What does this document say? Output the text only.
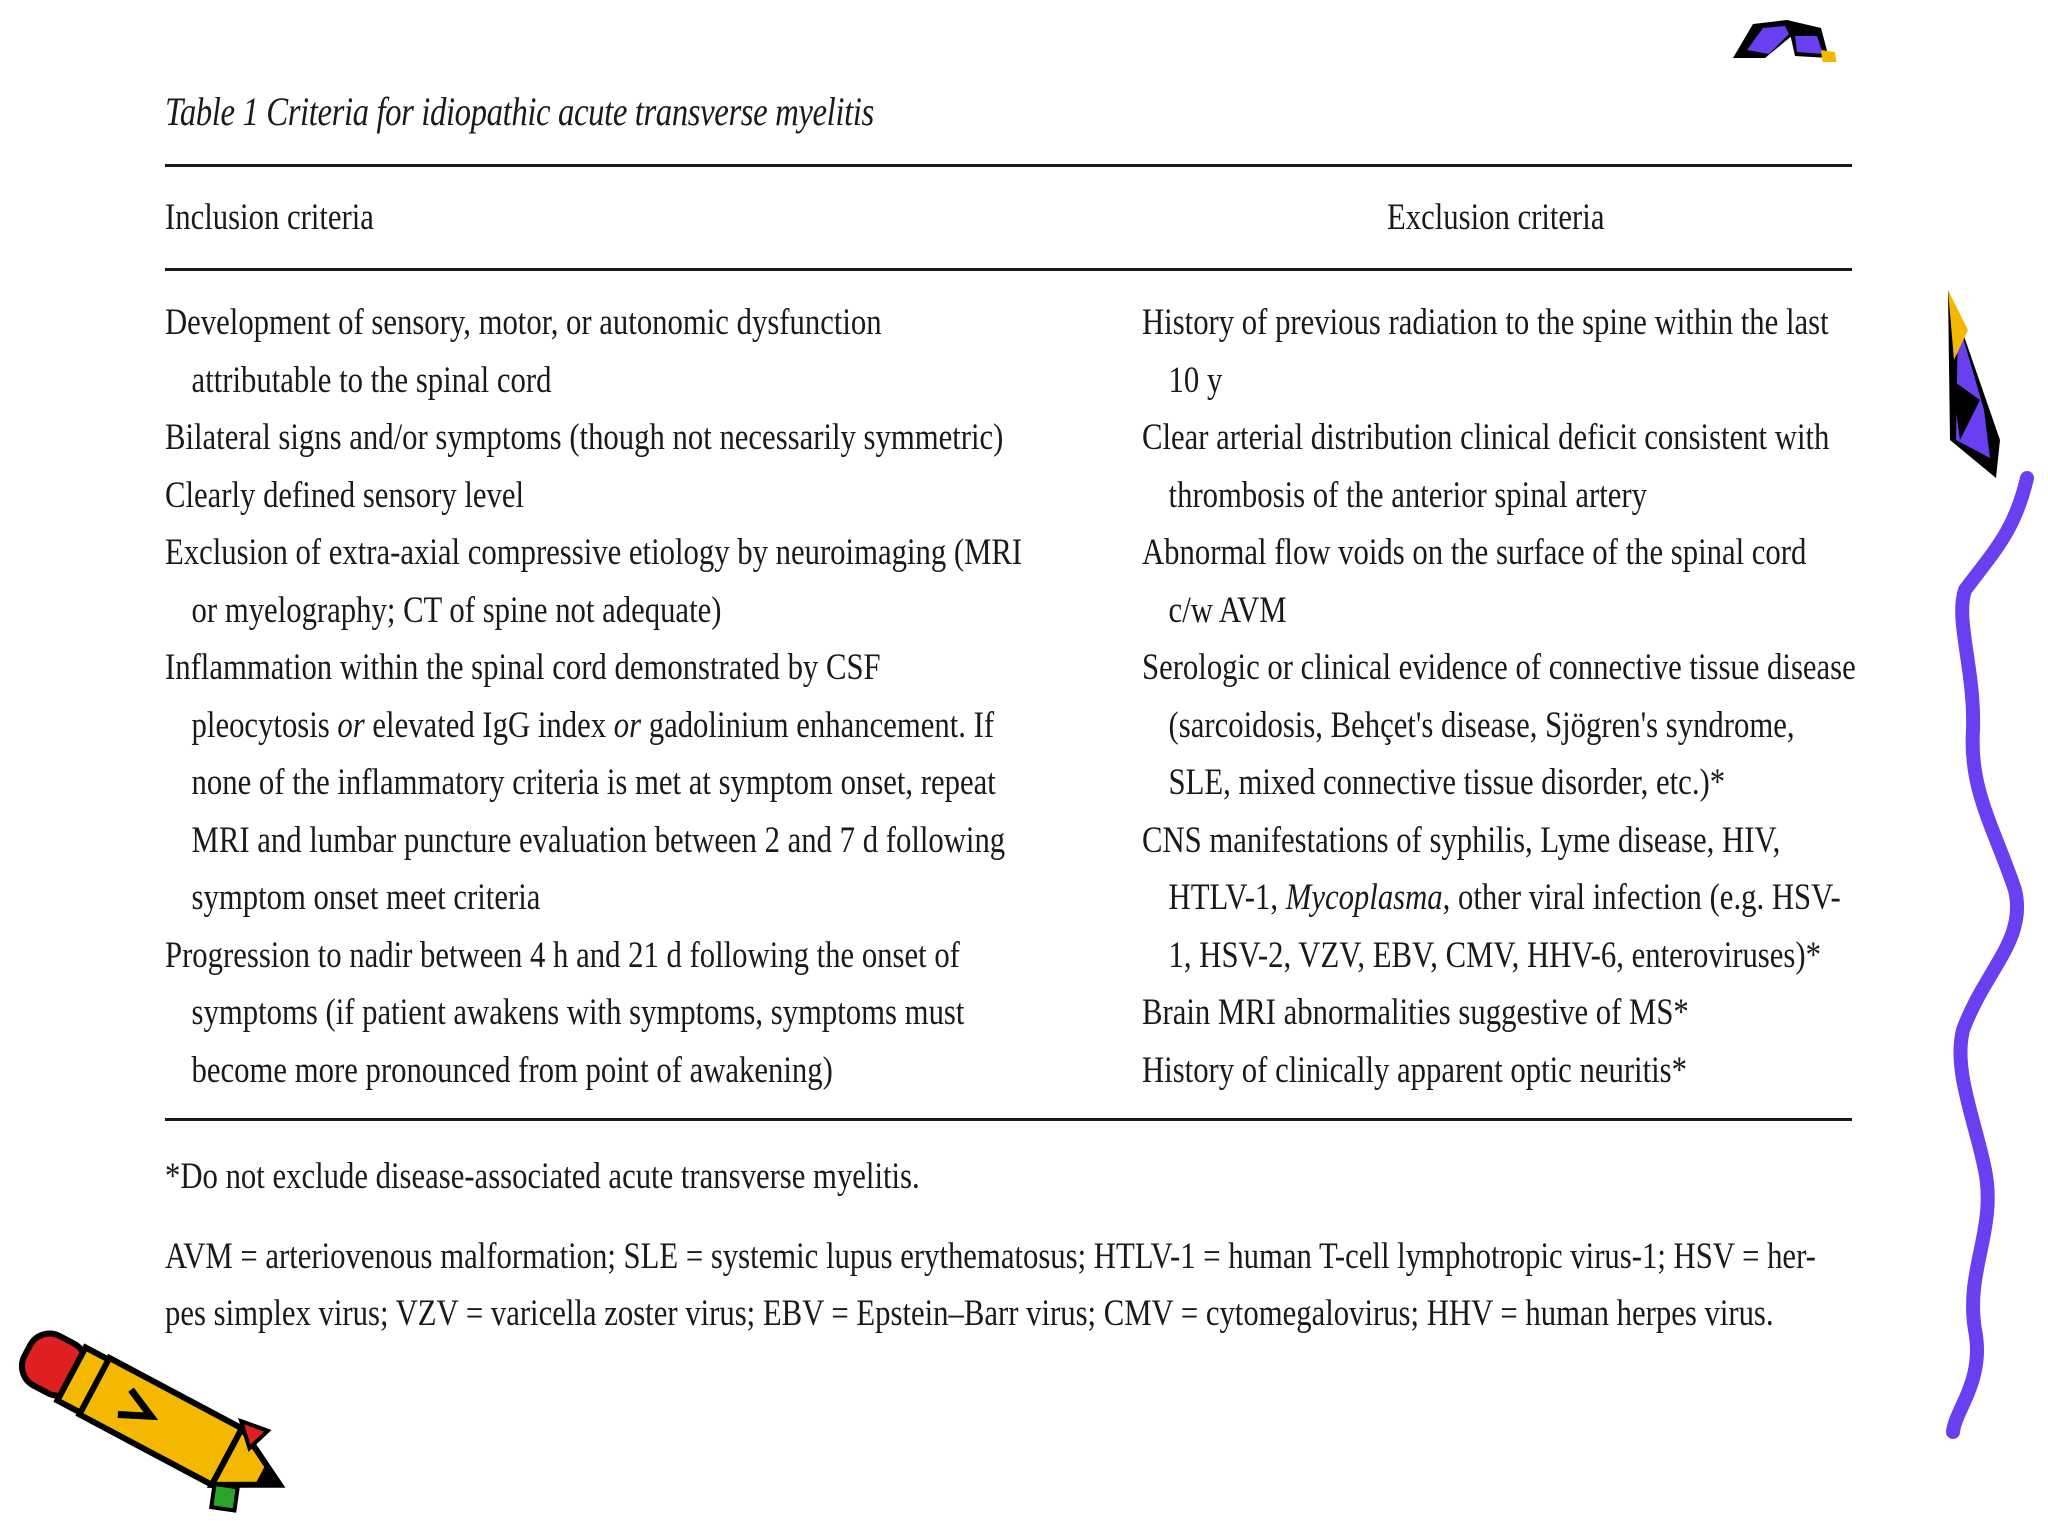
Table 1 Criteria for idiopathic acute transverse myelitis
Inclusion criteria	Exclusion criteria
Development of sensory, motor, or autonomic dysfunction
attributable to the spinal cord
Bilateral signs and/or symptoms (though not necessarily symmetric)
Clearly defined sensory level
Exclusion of extra-axial compressive etiology by neuroimaging (MRI
or myelography; CT of spine not adequate)
Inflammation within the spinal cord demonstrated by CSF
pleocytosis or elevated IgG index or gadolinium enhancement. If
none of the inflammatory criteria is met at symptom onset, repeat
MRI and lumbar puncture evaluation between 2 and 7 d following
symptom onset meet criteria
Progression to nadir between 4 h and 21 d following the onset of
symptoms (if patient awakens with symptoms, symptoms must
become more pronounced from point of awakening)
History of previous radiation to the spine within the last
10 y
Clear arterial distribution clinical deficit consistent with
thrombosis of the anterior spinal artery
Abnormal flow voids on the surface of the spinal cord
c/w AVM
Serologic or clinical evidence of connective tissue disease
(sarcoidosis, Behçet's disease, Sjögren's syndrome,
SLE, mixed connective tissue disorder, etc.)*
CNS manifestations of syphilis, Lyme disease, HIV,
HTLV-1, Mycoplasma, other viral infection (e.g. HSV-
1, HSV-2, VZV, EBV, CMV, HHV-6, enteroviruses)*
Brain MRI abnormalities suggestive of MS*
History of clinically apparent optic neuritis*
*Do not exclude disease-associated acute transverse myelitis.
AVM = arteriovenous malformation; SLE = systemic lupus erythematosus; HTLV-1 = human T-cell lymphotropic virus-1; HSV = her-
pes simplex virus; VZV = varicella zoster virus; EBV = Epstein–Barr virus; CMV = cytomegalovirus; HHV = human herpes virus.
